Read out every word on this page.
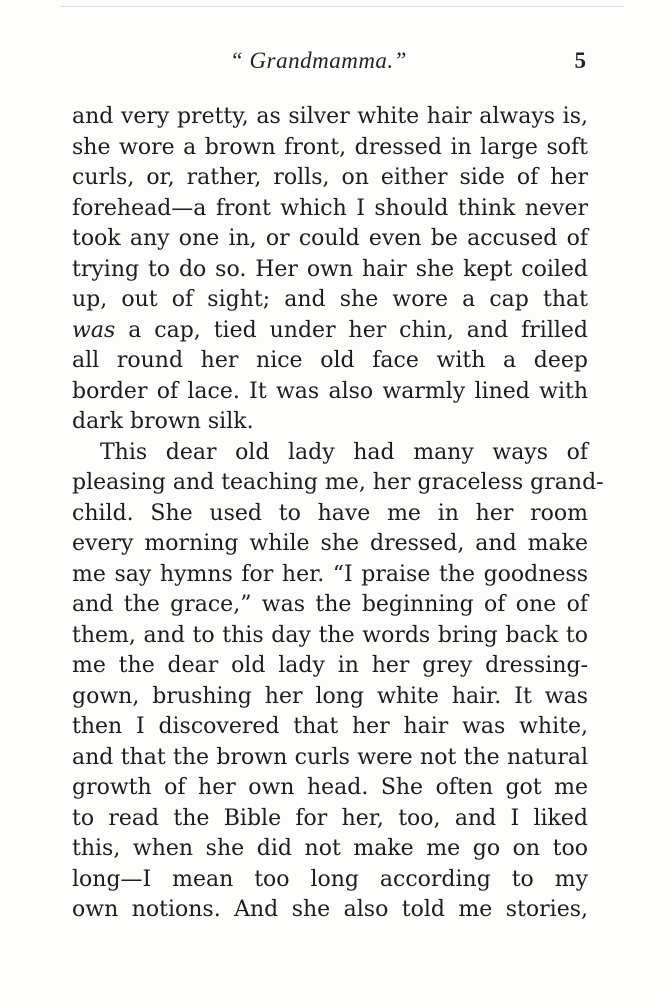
“ Grandmamma.”	5
and very pretty, as silver white hair always is,
she wore a brown front, dressed in large soft
curls, or, rather, rolls, on either side of her
forehead—a front which I should think never
took any one in, or could even be accused of
trying to do so. Her own hair she kept coiled
up, out of sight; and she wore a cap that
was a cap, tied under her chin, and frilled
all round her nice old face with a deep
border of lace. It was also warmly lined with
dark brown silk.
This dear old lady had many ways of
pleasing and teaching me, her graceless grand-
child. She used to have me in her room
every morning while she dressed, and make
me say hymns for her. “I praise the goodness
and the grace,” was the beginning of one of
them, and to this day the words bring back to
me the dear old lady in her grey dressing-
gown, brushing her long white hair. It was
then I discovered that her hair was white,
and that the brown curls were not the natural
growth of her own head. She often got me
to read the Bible for her, too, and I liked
this, when she did not make me go on too
long—I mean too long according to my
own notions. And she also told me stories,
